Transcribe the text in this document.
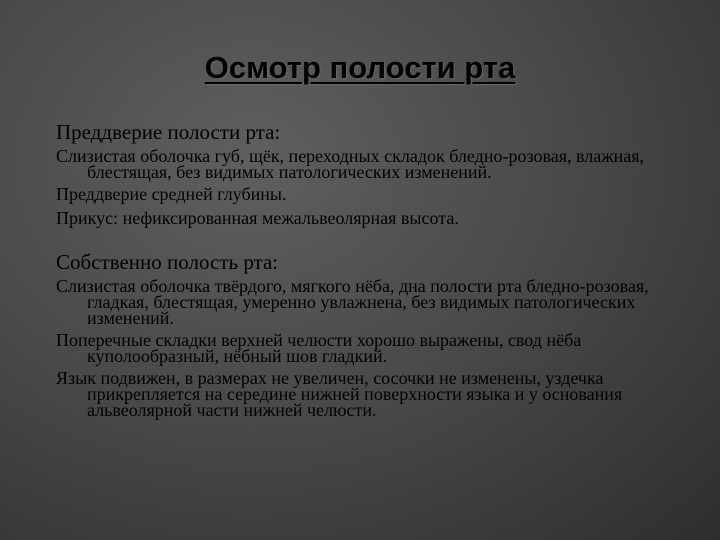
Осмотр полости рта

Преддверие полости рта:

Слизистая оболочка губ, щёк, переходных складок бледно-розовая, влажная, блестящая, без видимых патологических изменений.

Преддверие средней глубины.

Прикус: нефиксированная межальвеолярная высота.

Собственно полость рта:

Слизистая оболочка твёрдого, мягкого нёба, дна полости рта бледно-розовая, гладкая, блестящая, умеренно увлажнена, без видимых патологических изменений.

Поперечные складки верхней челюсти хорошо выражены, свод нёба куполообразный, нёбный шов гладкий.

Язык подвижен, в размерах не увеличен, сосочки не изменены, уздечка прикрепляется на середине нижней поверхности языка и у основания альвеолярной части нижней челюсти.
